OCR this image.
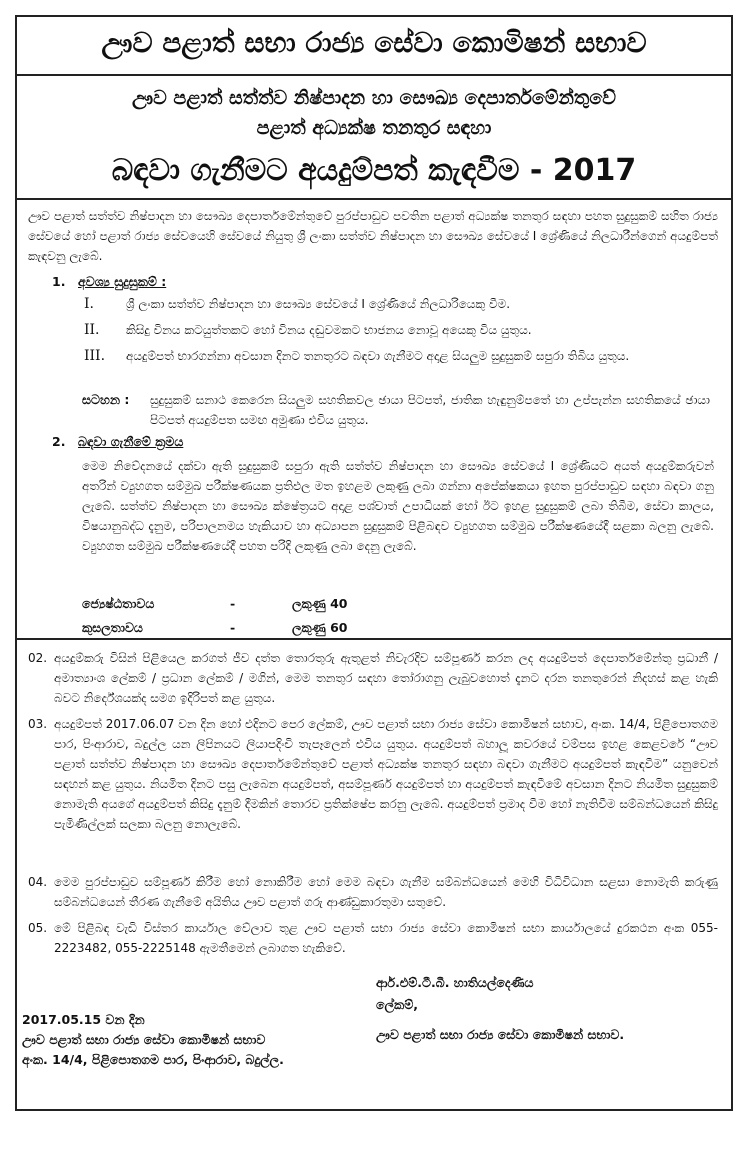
ඌව පළාත් සභා රාජ්‍ය සේවා කොමිෂන් සභාව
ඌව පළාත් සත්ත්ව නිෂ්පාදන හා සෞඛ්‍ය දෙපාර්තමේන්තුවේ
පළාත් අධ්‍යක්ෂ තනතුර සඳහා
බඳවා ගැනීමට අයදුම්පත් කැඳවීම - 2017

ඌව පළාත් සත්ත්ව නිෂ්පාදන හා සෞඛ්‍ය දෙපාර්තමේන්තුවේ පුරප්පාඩුව පවතින පළාත් අධ්‍යක්ෂ තනතුර සඳහා පහත සුදුසුකම් සහිත රාජ්‍ය සේවයේ හෝ පළාත් රාජ්‍ය සේවයෙහි සේවයේ නියුතු ශ්‍රී ලංකා සත්ත්ව නිෂ්පාදන හා සෞඛ්‍ය සේවයේ I ශ්‍රේණියේ නිලධාරීන්ගෙන් අයදුම්පත් කැඳවනු ලැබේ.

1. අවශ්‍ය සුදුසුකම් :
I.	ශ්‍රී ලංකා සත්ත්ව නිෂ්පාදන හා සෞඛ්‍ය සේවයේ I ශ්‍රේණියේ නිලධාරියෙකු වීම.
II. කිසිදු විනය කටයුත්තකට හෝ විනය දඬුවමකට භාජනය නොවූ අයෙකු විය යුතුය.
III. අයදුම්පත් භාරගන්නා අවසාන දිනට තනතුරට බඳවා ගැනීමට අදාළ සියලුම සුදුසුකම් සපුරා තිබිය යුතුය.
සටහන : සුදුසුකම් සනාථ කෙරෙන සියලුම සහතිකවල ඡායා පිටපත්, ජාතික හැඳුනුම්පතේ හා උප්පැන්න සහතිකයේ ඡායා පිටපත් අයදුම්පත සමඟ අමුණා එවිය යුතුය.
2. බඳවා ගැනීමේ ක්‍රමය

මෙම නිවේදනයේ දක්වා ඇති සුදුසුකම් සපුරා ඇති සත්ත්ව නිෂ්පාදන හා සෞඛ්‍ය සේවයේ I ශ්‍රේණියට අයත් අයදුම්කරුවන් අතරින් ව්‍යුහගත සම්මුඛ පරීක්ෂණයක ප්‍රතිඵල මත ඉහළම ලකුණු ලබා ගන්නා අපේක්ෂකයා ඉහත පුරප්පාඩුව සඳහා බඳවා ගනු ලැබේ. සත්ත්ව නිෂ්පාදන හා සෞඛ්‍ය ක්ෂේත්‍රයට අදාළ පශ්චාත් උපාධියක් හෝ ඊට ඉහළ සුදුසුකම් ලබා තිබීම, සේවා කාලය, විෂයානුබද්ධ දැනුම, පරිපාලනමය හැකියාව හා අධ්‍යාපන සුදුසුකම් පිළිබඳව ව්‍යුහගත සම්මුඛ පරීක්ෂණයේදී සළකා බලනු ලැබේ. ව්‍යුහගත සම්මුඛ පරීක්ෂණයේදී පහත පරිදි ලකුණු ලබා දෙනු ලැබේ.

ජ්‍යෙෂ්ඨතාවය	-	ලකුණු 40
කුසලතාවය	-	ලකුණු 60
02. අයදුම්කරු විසින් පිළියෙල කරගත් ජීව දත්ත තොරතුරු ඇතුළත් නිවැරදිව සම්පූර්ණ කරන ලද අයදුම්පත් දෙපාර්තමේන්තු ප්‍රධානී / අමාත්‍යාංශ ලේකම් / ප්‍රධාන ලේකම් / මගින්, මෙම තනතුර සඳහා තෝරාගනු ලැබුවහොත් දැනට දරන තනතුරෙන් නිදහස් කළ හැකි බවට නිර්දේශයක්ද සමග ඉදිරිපත් කළ යුතුය.
03. අයදුම්පත් 2017.06.07 වන දින හෝ එදිනට පෙර ලේකම්, ඌව පළාත් සභා රාජ්‍ය සේවා කොමිෂන් සභාව, අංක. 14/4, පිළිපොතගම පාර, පිංආරාව, බදුල්ල යන ලිපිනයට ලියාපදිංචි තැපෑලෙන් එවිය යුතුය. අයදුම්පත් බහාලූ කවරයේ වම්පස ඉහළ කෙළවරේ “ඌව පළාත් සත්ත්ව නිෂ්පාදන හා සෞඛ්‍ය දෙපාර්තමේන්තුවේ පළාත් අධ්‍යක්ෂ තනතුර සඳහා බඳවා ගැනීමට අයදුම්පත් කැඳවීම” යනුවෙන් සඳහන් කළ යුතුය. නියමිත දිනට පසු ලැබෙන අයදුම්පත්, අසම්පූර්ණ අයදුම්පත් හා අයදුම්පත් කැඳවීමේ අවසාන දිනට නියමිත සුදුසුකම් නොමැති අයගේ අයදුම්පත් කිසිදු දැනුම් දීමකින් තොරව ප්‍රතික්ෂේප කරනු ලැබේ. අයදුම්පත් ප්‍රමාද වීම හෝ නැතිවීම සම්බන්ධයෙන් කිසිදු පැමිණිල්ලක් සලකා බලනු නොලැබේ.
04. මෙම පුරප්පාඩුව සම්පූර්ණ කිරීම හෝ නොකිරීම හෝ මෙම බඳවා ගැනීම සම්බන්ධයෙන් මෙහි විධිවිධාන සළසා නොමැති කරුණු සම්බන්ධයෙන් තීරණ ගැනීමේ අයිතිය ඌව පළාත් ගරු ආණ්ඩුකාරතුමා සතුවේ.
05. මේ පිළිබඳ වැඩි විස්තර කාර්යාල වේලාව තුළ ඌව පළාත් සභා රාජ්‍ය සේවා කොමිෂන් සභා කාර්යාලයේ දුරකථන අංක 055-2223482, 055-2225148 ඇමතීමෙන් ලබාගත හැකිවේ.
ආර්.එම්.ටී.බී. හාතියල්දෙණිය
ලේකම්,
ඌව පළාත් සභා රාජ්‍ය සේවා කොමිෂන් සභාව.
2017.05.15 වන දින
ඌව පළාත් සභා රාජ්‍ය සේවා කොමිෂන් සභාව
අංක. 14/4, පිළිපොතගම පාර, පිංආරාව, බදුල්ල.
